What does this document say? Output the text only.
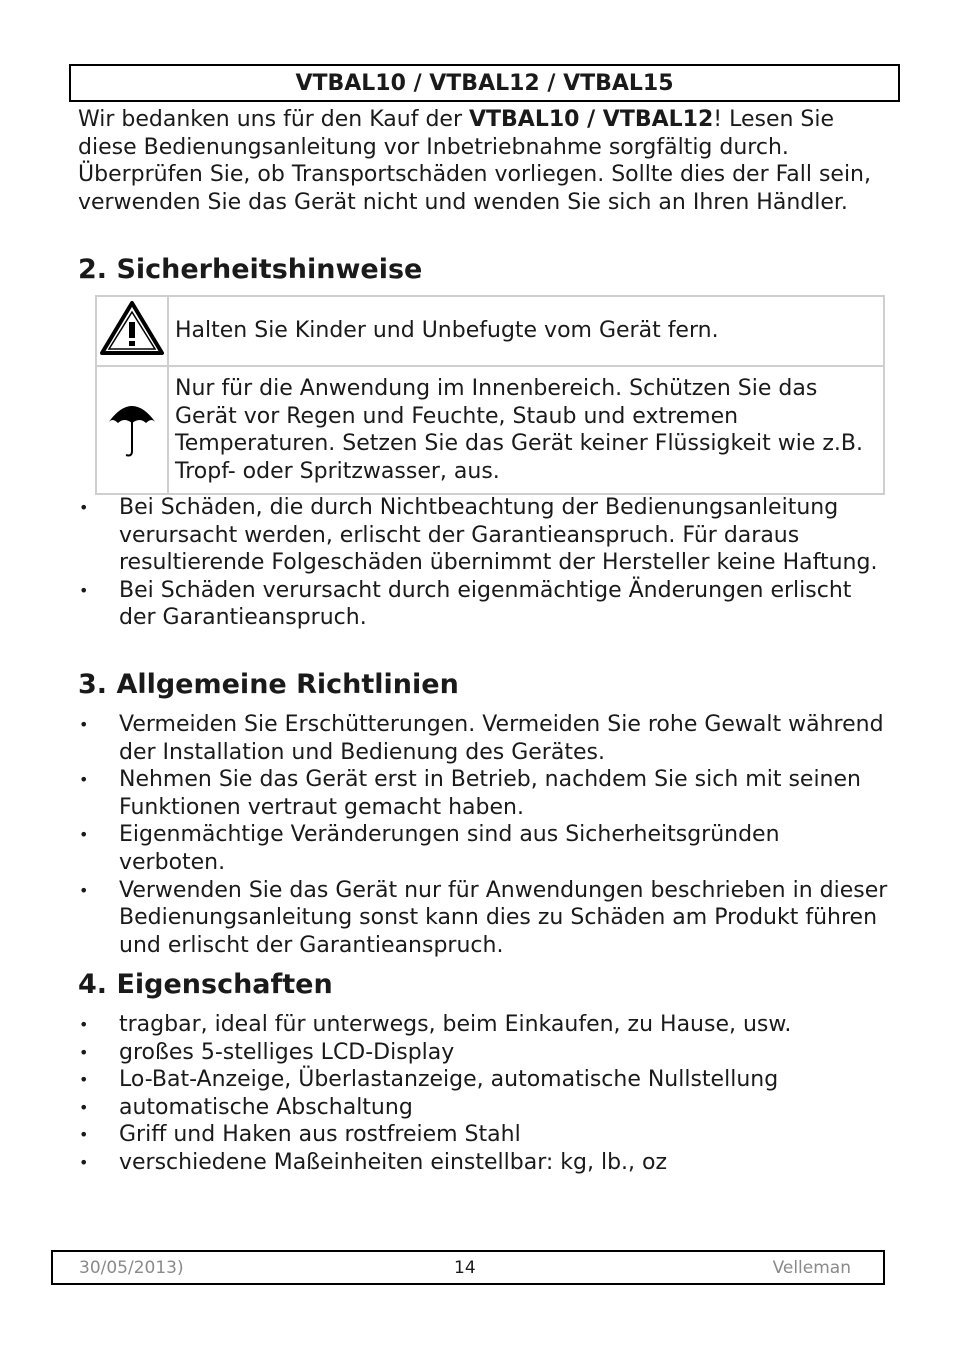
VTBAL10 / VTBAL12 / VTBAL15

Wir bedanken uns für den Kauf der VTBAL10 / VTBAL12! Lesen Sie diese Bedienungsanleitung vor Inbetriebnahme sorgfältig durch. Überprüfen Sie, ob Transportschäden vorliegen. Sollte dies der Fall sein, verwenden Sie das Gerät nicht und wenden Sie sich an Ihren Händler.

2. Sicherheitshinweise
	Halten Sie Kinder und Unbefugte vom Gerät fern.
	Nur für die Anwendung im Innenbereich. Schützen Sie das Gerät vor Regen und Feuchte, Staub und extremen Temperaturen. Setzen Sie das Gerät keiner Flüssigkeit wie z.B. Tropf- oder Spritzwasser, aus.
• Bei Schäden, die durch Nichtbeachtung der Bedienungsanleitung verursacht werden, erlischt der Garantieanspruch. Für daraus resultierende Folgeschäden übernimmt der Hersteller keine Haftung.
• Bei Schäden verursacht durch eigenmächtige Änderungen erlischt der Garantieanspruch.
3. Allgemeine Richtlinien
• Vermeiden Sie Erschütterungen. Vermeiden Sie rohe Gewalt während der Installation und Bedienung des Gerätes.
• Nehmen Sie das Gerät erst in Betrieb, nachdem Sie sich mit seinen Funktionen vertraut gemacht haben.
• Eigenmächtige Veränderungen sind aus Sicherheitsgründen verboten.
• Verwenden Sie das Gerät nur für Anwendungen beschrieben in dieser Bedienungsanleitung sonst kann dies zu Schäden am Produkt führen und erlischt der Garantieanspruch.
4. Eigenschaften
• tragbar, ideal für unterwegs, beim Einkaufen, zu Hause, usw.
• großes 5-stelliges LCD-Display
• Lo-Bat-Anzeige, Überlastanzeige, automatische Nullstellung
• automatische Abschaltung
• Griff und Haken aus rostfreiem Stahl
• verschiedene Maßeinheiten einstellbar: kg, lb., oz
30/05/2013)	14	Velleman
